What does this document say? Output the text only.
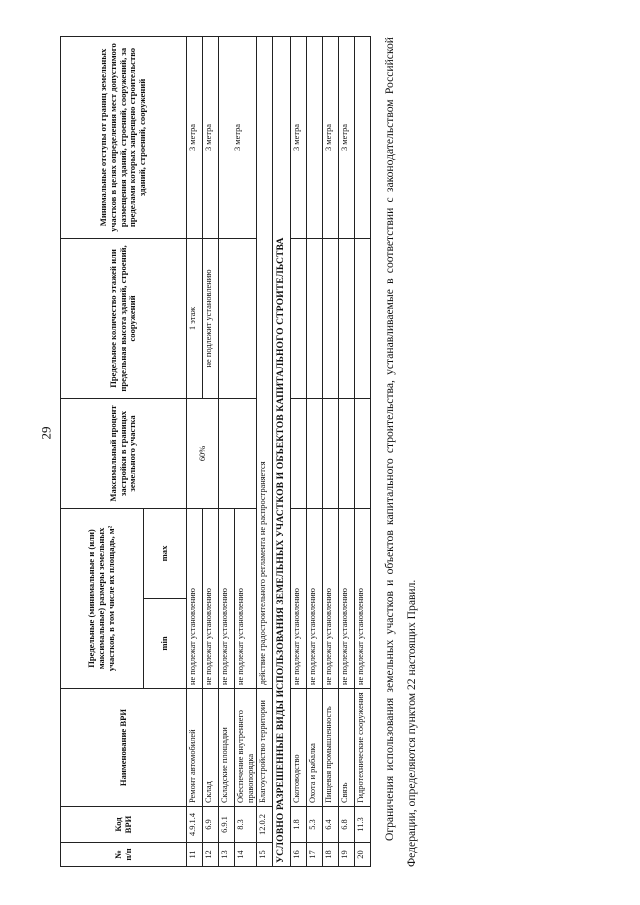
29
№ п/п	Код ВРИ	Наименование ВРИ	Предельные (минимальные и (или) максимальные) размеры земельных участков, в том числе их площадь, м²		Максимальный процент застройки в границах земельного участка	Предельное количество этажей или предельная высота зданий, строений, сооружений	Минимальные отступы от границ земельных участков в целях определения мест допустимого размещения зданий, строений, сооружений, за пределами которых запрещено строительство зданий, строений, сооружений
			min	max			
11	4.9.1.4	Ремонт автомобилей	не подлежат установлению		60%	1 этаж	3 метра
12	6.9	Склад	не подлежат установлению			не подлежит установлению	3 метра
13	6.9.1	Складские площадки	не подлежат установлению				3 метра
14	8.3	Обеспечение внутреннего правопорядка	не подлежат установлению				
15	12.0.2	Благоустройство территории	действие градостроительного регламента не распространяется				
УСЛОВНО РАЗРЕШЕННЫЕ ВИДЫ ИСПОЛЬЗОВАНИЯ ЗЕМЕЛЬНЫХ УЧАСТКОВ И ОБЪЕКТОВ КАПИТАЛЬНОГО СТРОИТЕЛЬСТВА							
16	1.8	Скотоводство	не подлежат установлению				3 метра
17	5.3	Охота и рыбалка	не подлежат установлению				
18	6.4	Пищевая промышленность	не подлежат установлению				3 метра
19	6.8	Связь	не подлежат установлению				3 метра
20	11.3	Гидротехнические сооружения	не подлежат установлению					Ограничения использования земельных участков и объектов капитального строительства, устанавливаемые в соответствии с законодательством Российской Федерации, определяются пунктом 22 настоящих Правил.
